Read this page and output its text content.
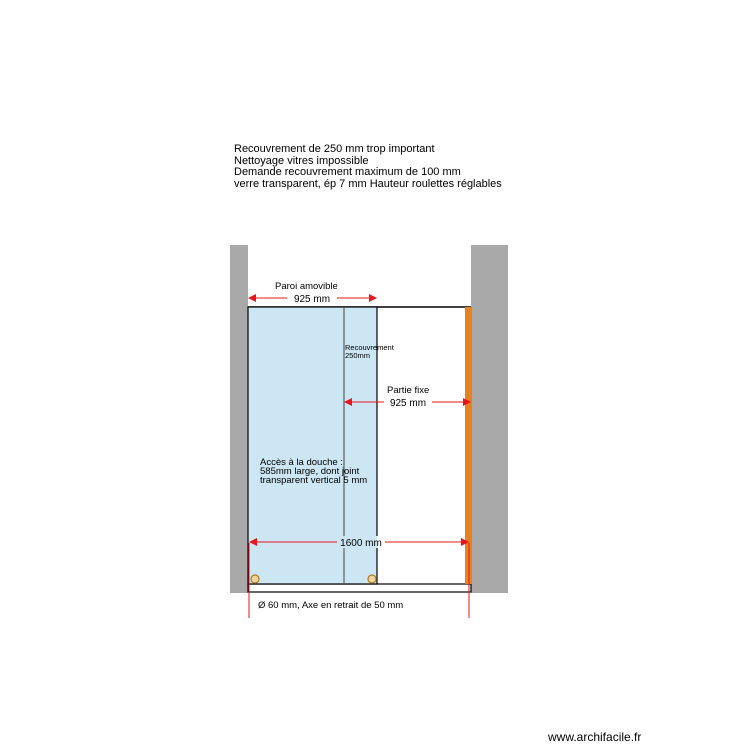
Recouvrement de 250 mm trop important
Nettoyage vitres impossible
Demande recouvrement maximum de 100 mm
verre transparent, ép 7 mm Hauteur roulettes réglables
925 mm
Paroi amovible
Recouvrement
250mm
Partie fixe
925 mm
Accès à la douche :
585mm large, dont joint
transparent vertical 5 mm
1600 mm
Ø 60 mm, Axe en retrait de 50 mm
www.archifacile.fr
